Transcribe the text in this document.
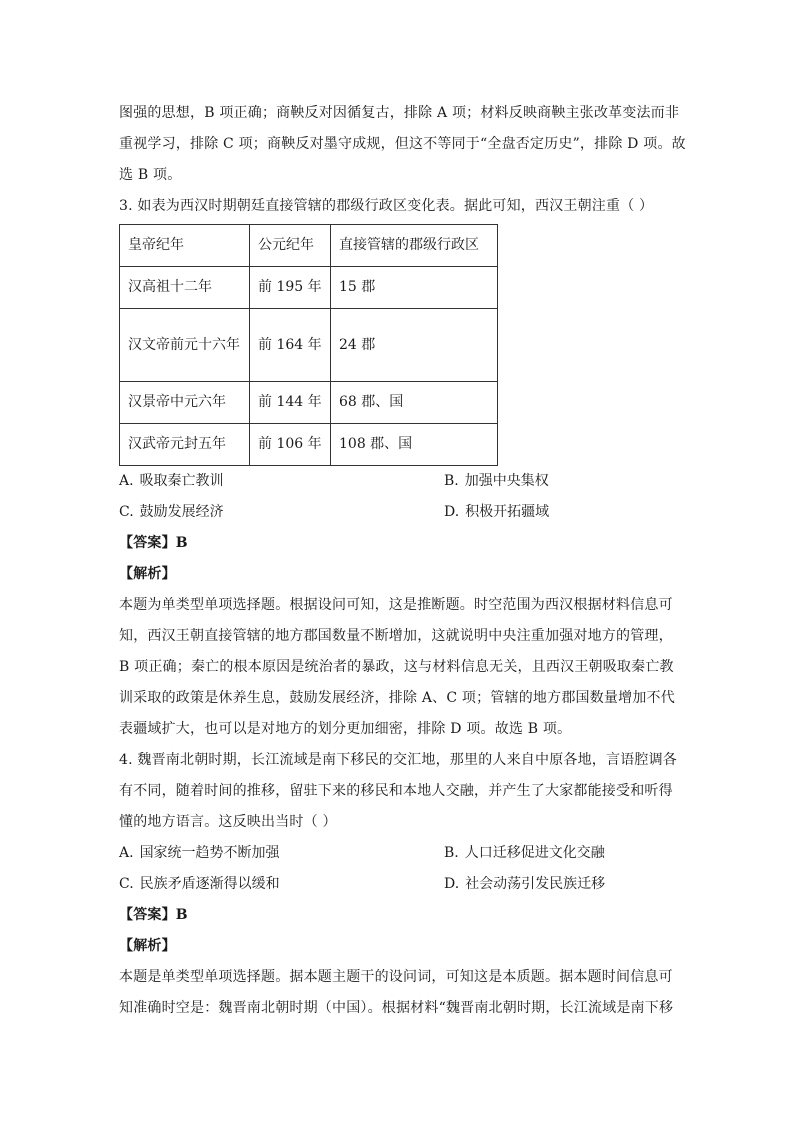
图强的思想，B 项正确；商鞅反对因循复古，排除 A 项；材料反映商鞅主张改革变法而非
重视学习，排除 C 项；商鞅反对墨守成规，但这不等同于“全盘否定历史”，排除 D 项。故
选 B 项。
3. 如表为西汉时期朝廷直接管辖的郡级行政区变化表。据此可知，西汉王朝注重（ ）
皇帝纪年	公元纪年	直接管辖的郡级行政区
汉高祖十二年	前 195 年	15 郡
汉文帝前元十六年	前 164 年	24 郡
汉景帝中元六年	前 144 年	68 郡、国
汉武帝元封五年	前 106 年	108 郡、国
A. 吸取秦亡教训	B. 加强中央集权
C. 鼓励发展经济	D. 积极开拓疆域
【答案】B
【解析】
本题为单类型单项选择题。根据设问可知，这是推断题。时空范围为西汉根据材料信息可
知，西汉王朝直接管辖的地方郡国数量不断增加，这就说明中央注重加强对地方的管理，
B 项正确；秦亡的根本原因是统治者的暴政，这与材料信息无关，且西汉王朝吸取秦亡教
训采取的政策是休养生息，鼓励发展经济，排除 A、C 项；管辖的地方郡国数量增加不代
表疆域扩大，也可以是对地方的划分更加细密，排除 D 项。故选 B 项。
4. 魏晋南北朝时期，长江流域是南下移民的交汇地，那里的人来自中原各地，言语腔调各
有不同，随着时间的推移，留驻下来的移民和本地人交融，并产生了大家都能接受和听得
懂的地方语言。这反映出当时（ ）
A. 国家统一趋势不断加强	B. 人口迁移促进文化交融
C. 民族矛盾逐渐得以缓和	D. 社会动荡引发民族迁移
【答案】B
【解析】
本题是单类型单项选择题。据本题主题干的设问词，可知这是本质题。据本题时间信息可
知准确时空是：魏晋南北朝时期（中国）。根据材料“魏晋南北朝时期，长江流域是南下移
